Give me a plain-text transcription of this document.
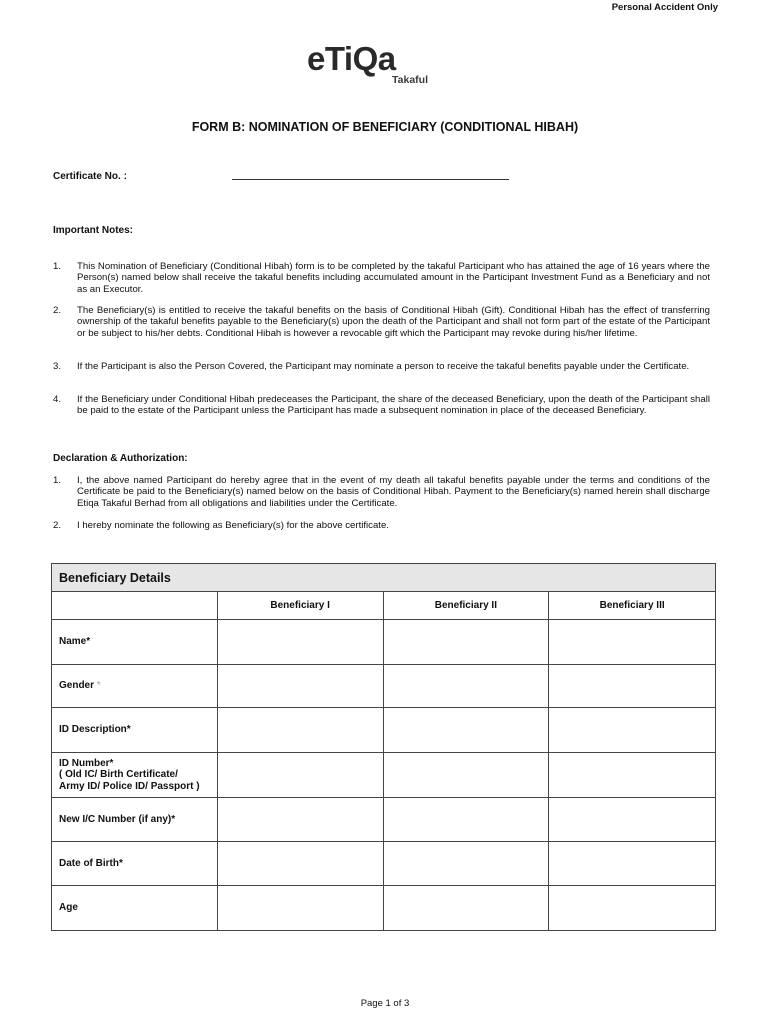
Personal Accident Only
eTiQa
Takaful
FORM B: NOMINATION OF BENEFICIARY (CONDITIONAL HIBAH)
Certificate No. :
Important Notes:
1. This Nomination of Beneficiary (Conditional Hibah) form is to be completed by the takaful Participant who has attained the age of 16 years where the Person(s) named below shall receive the takaful benefits including accumulated amount in the Participant Investment Fund as a Beneficiary and not as an Executor.
2. The Beneficiary(s) is entitled to receive the takaful benefits on the basis of Conditional Hibah (Gift). Conditional Hibah has the effect of transferring ownership of the takaful benefits payable to the Beneficiary(s) upon the death of the Participant and shall not form part of the estate of the Participant or be subject to his/her debts. Conditional Hibah is however a revocable gift which the Participant may revoke during his/her lifetime.
3. If the Participant is also the Person Covered, the Participant may nominate a person to receive the takaful benefits payable under the Certificate.
4. If the Beneficiary under Conditional Hibah predeceases the Participant, the share of the deceased Beneficiary, upon the death of the Participant shall be paid to the estate of the Participant unless the Participant has made a subsequent nomination in place of the deceased Beneficiary.
Declaration & Authorization:
1. I, the above named Participant do hereby agree that in the event of my death all takaful benefits payable under the terms and conditions of the Certificate be paid to the Beneficiary(s) named below on the basis of Conditional Hibah. Payment to the Beneficiary(s) named herein shall discharge Etiqa Takaful Berhad from all obligations and liabilities under the Certificate.
2. I hereby nominate the following as Beneficiary(s) for the above certificate.
Beneficiary Details			
	Beneficiary I	Beneficiary II	Beneficiary III
Name*			
Gender *			
ID Description*			

ID Number*
( Old IC/ Birth Certificate/
Army ID/ Police ID/ Passport )			

New I/C Number (if any)*			
Date of Birth*			
Age			
Page 1 of 3
